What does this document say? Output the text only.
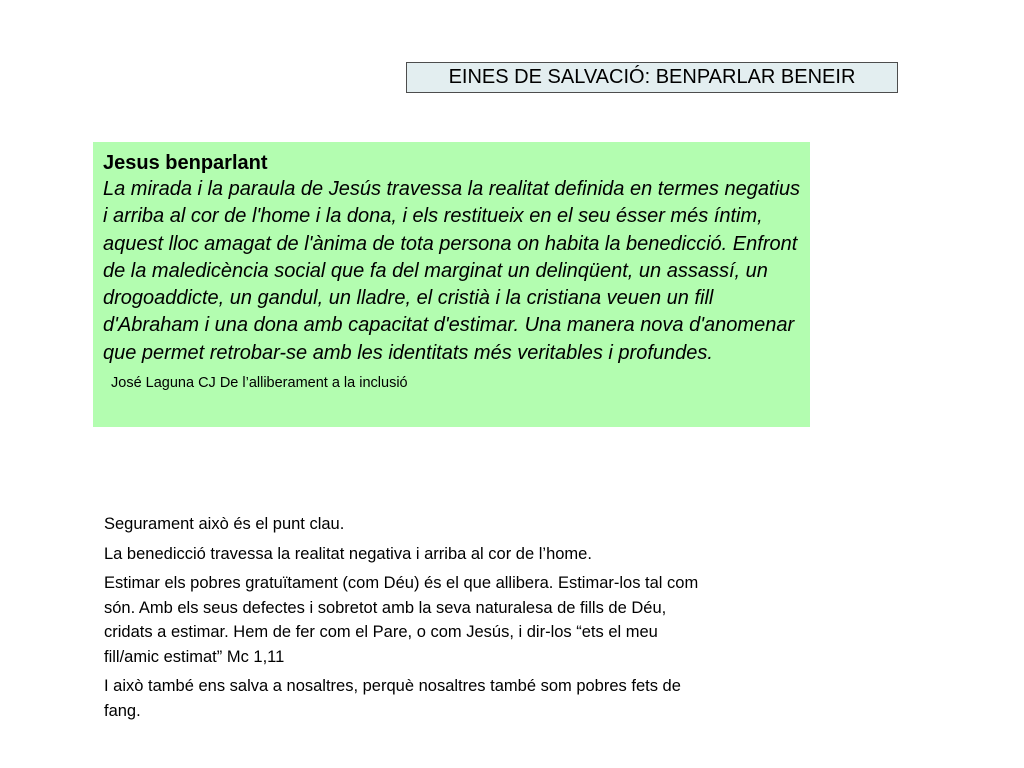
EINES DE SALVACIÓ: BENPARLAR BENEIR

Jesus benparlant

La mirada i la paraula de Jesús travessa la realitat definida en termes negatius i arriba al cor de l'home i la dona, i els restitueix en el seu ésser més íntim, aquest lloc amagat de l'ànima de tota persona on habita la benedicció. Enfront de la maledicència social que fa del marginat un delinqüent, un assassí, un drogoaddicte, un gandul, un lladre, el cristià i la cristiana veuen un fill d'Abraham i una dona amb capacitat d'estimar. Una manera nova d'anomenar que permet retrobar-se amb les identitats més veritables i profundes.

José Laguna CJ De l’alliberament a la inclusió

Segurament això és el punt clau.

La benedicció travessa la realitat negativa i arriba al cor de l’home.

Estimar els pobres gratuïtament (com Déu) és el que allibera. Estimar-los tal com són. Amb els seus defectes i sobretot amb la seva naturalesa de fills de Déu, cridats a estimar. Hem de fer com el Pare, o com Jesús, i dir-los “ets el meu fill/amic estimat” Mc 1,11

I això també ens salva a nosaltres, perquè nosaltres també som pobres fets de fang.
